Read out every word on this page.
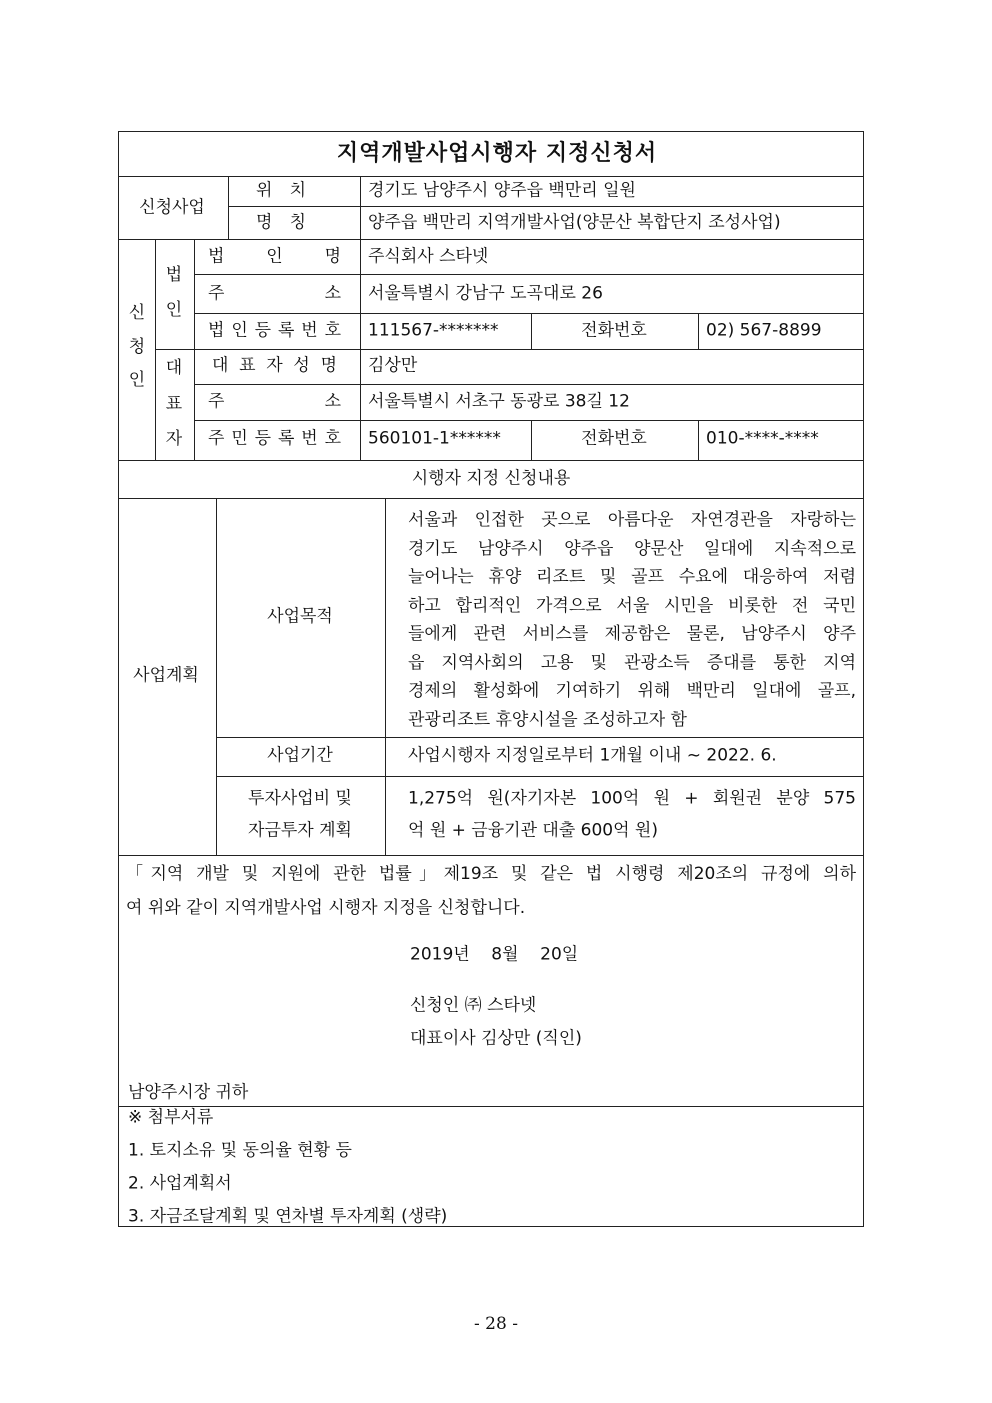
지역개발사업시행자 지정신청서
신청사업
위 치	경기도 남양주시 양주읍 백만리 일원
명 칭	양주읍 백만리 지역개발사업(양문산 복합단지 조성사업)
신
청
인
법
인
대
표
자
법 인 명 주식회사 스타넷
주	소 서울특별시 강남구 도곡대로 26
법 인 등 록 번 호 111567-*******	전화번호	02) 567-8899
대 표 자 성 명 김상만
주	소 서울특별시 서초구 동광로 38길 12
주 민 등 록 번 호 560101-1******	전화번호	010-****-****
시행자 지정 신청내용
사업계획
사업목적
서울과 인접한 곳으로 아름다운 자연경관을 자랑하는
경기도 남양주시 양주읍 양문산 일대에 지속적으로
늘어나는 휴양 리조트 및 골프 수요에 대응하여 저렴
하고 합리적인 가격으로 서울 시민을 비롯한 전 국민
들에게 관련 서비스를 제공함은 물론, 남양주시 양주
읍 지역사회의 고용 및 관광소득 증대를 통한 지역
경제의 활성화에 기여하기 위해 백만리 일대에 골프,
관광리조트 휴양시설을 조성하고자 함
사업기간	사업시행자 지정일로부터 1개월 이내 ~ 2022. 6.
투자사업비 및
자금투자 계획
1,275억 원(자기자본 100억 원 + 회원권 분양 575
억 원 + 금융기관 대출 600억 원)
「지역 개발 및 지원에 관한 법률」제19조 및 같은 법 시행령 제20조의 규정에 의하
여 위와 같이 지역개발사업 시행자 지정을 신청합니다.
2019년    8월    20일
신청인 ㈜ 스타넷
대표이사 김상만 (직인)
남양주시장 귀하
※ 첨부서류
1. 토지소유 및 동의율 현황 등
2. 사업계획서
3. 자금조달계획 및 연차별 투자계획 (생략)
- 28 -
